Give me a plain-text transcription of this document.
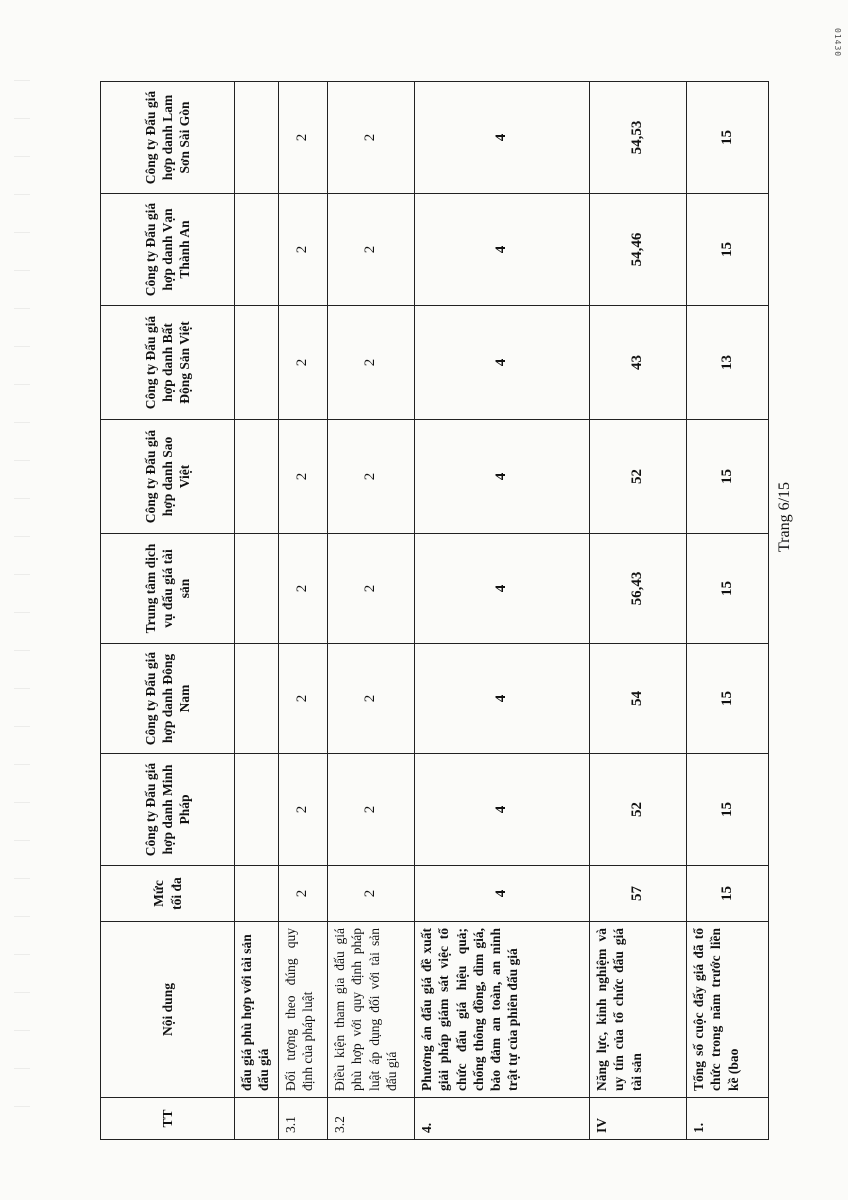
01430
TT	Nội dung	Mức tối đa	Công ty Đấu giá hợp danh Minh Pháp	Công ty Đấu giá hợp danh Đông Nam	Trung tâm dịch vụ đấu giá tài sản	Công ty Đấu giá hợp danh Sao Việt	Công ty Đấu giá hợp danh Bất Động Sản Việt	Công ty Đấu giá hợp danh Vạn Thành An	Công ty Đấu giá hợp danh Lam Sơn Sài Gòn
	đấu giá phù hợp với tài sản đấu giá								
3.1	Đối tượng theo đúng quy định của pháp luật	2	2	2	2	2	2	2	2
3.2	Điều kiện tham gia đấu giá phù hợp với quy định pháp luật áp dụng đối với tài sản đấu giá	2	2	2	2	2	2	2	2
4.	Phương án đấu giá đề xuất giải pháp giám sát việc tổ chức đấu giá hiệu quả; chống thông đồng, dìm giá, bảo đảm an toàn, an ninh trật tự của phiên đấu giá	4	4	4	4	4	4	4	4
IV	Năng lực, kinh nghiệm và uy tín của tổ chức đấu giá tài sản	57	52	54	56,43	52	43	54,46	54,53
1.	Tổng số cuộc đấy giá đã tổ chức trong năm trước liền kề (bao	15	15	15	15	15	13	15	15
Trang 6/15
